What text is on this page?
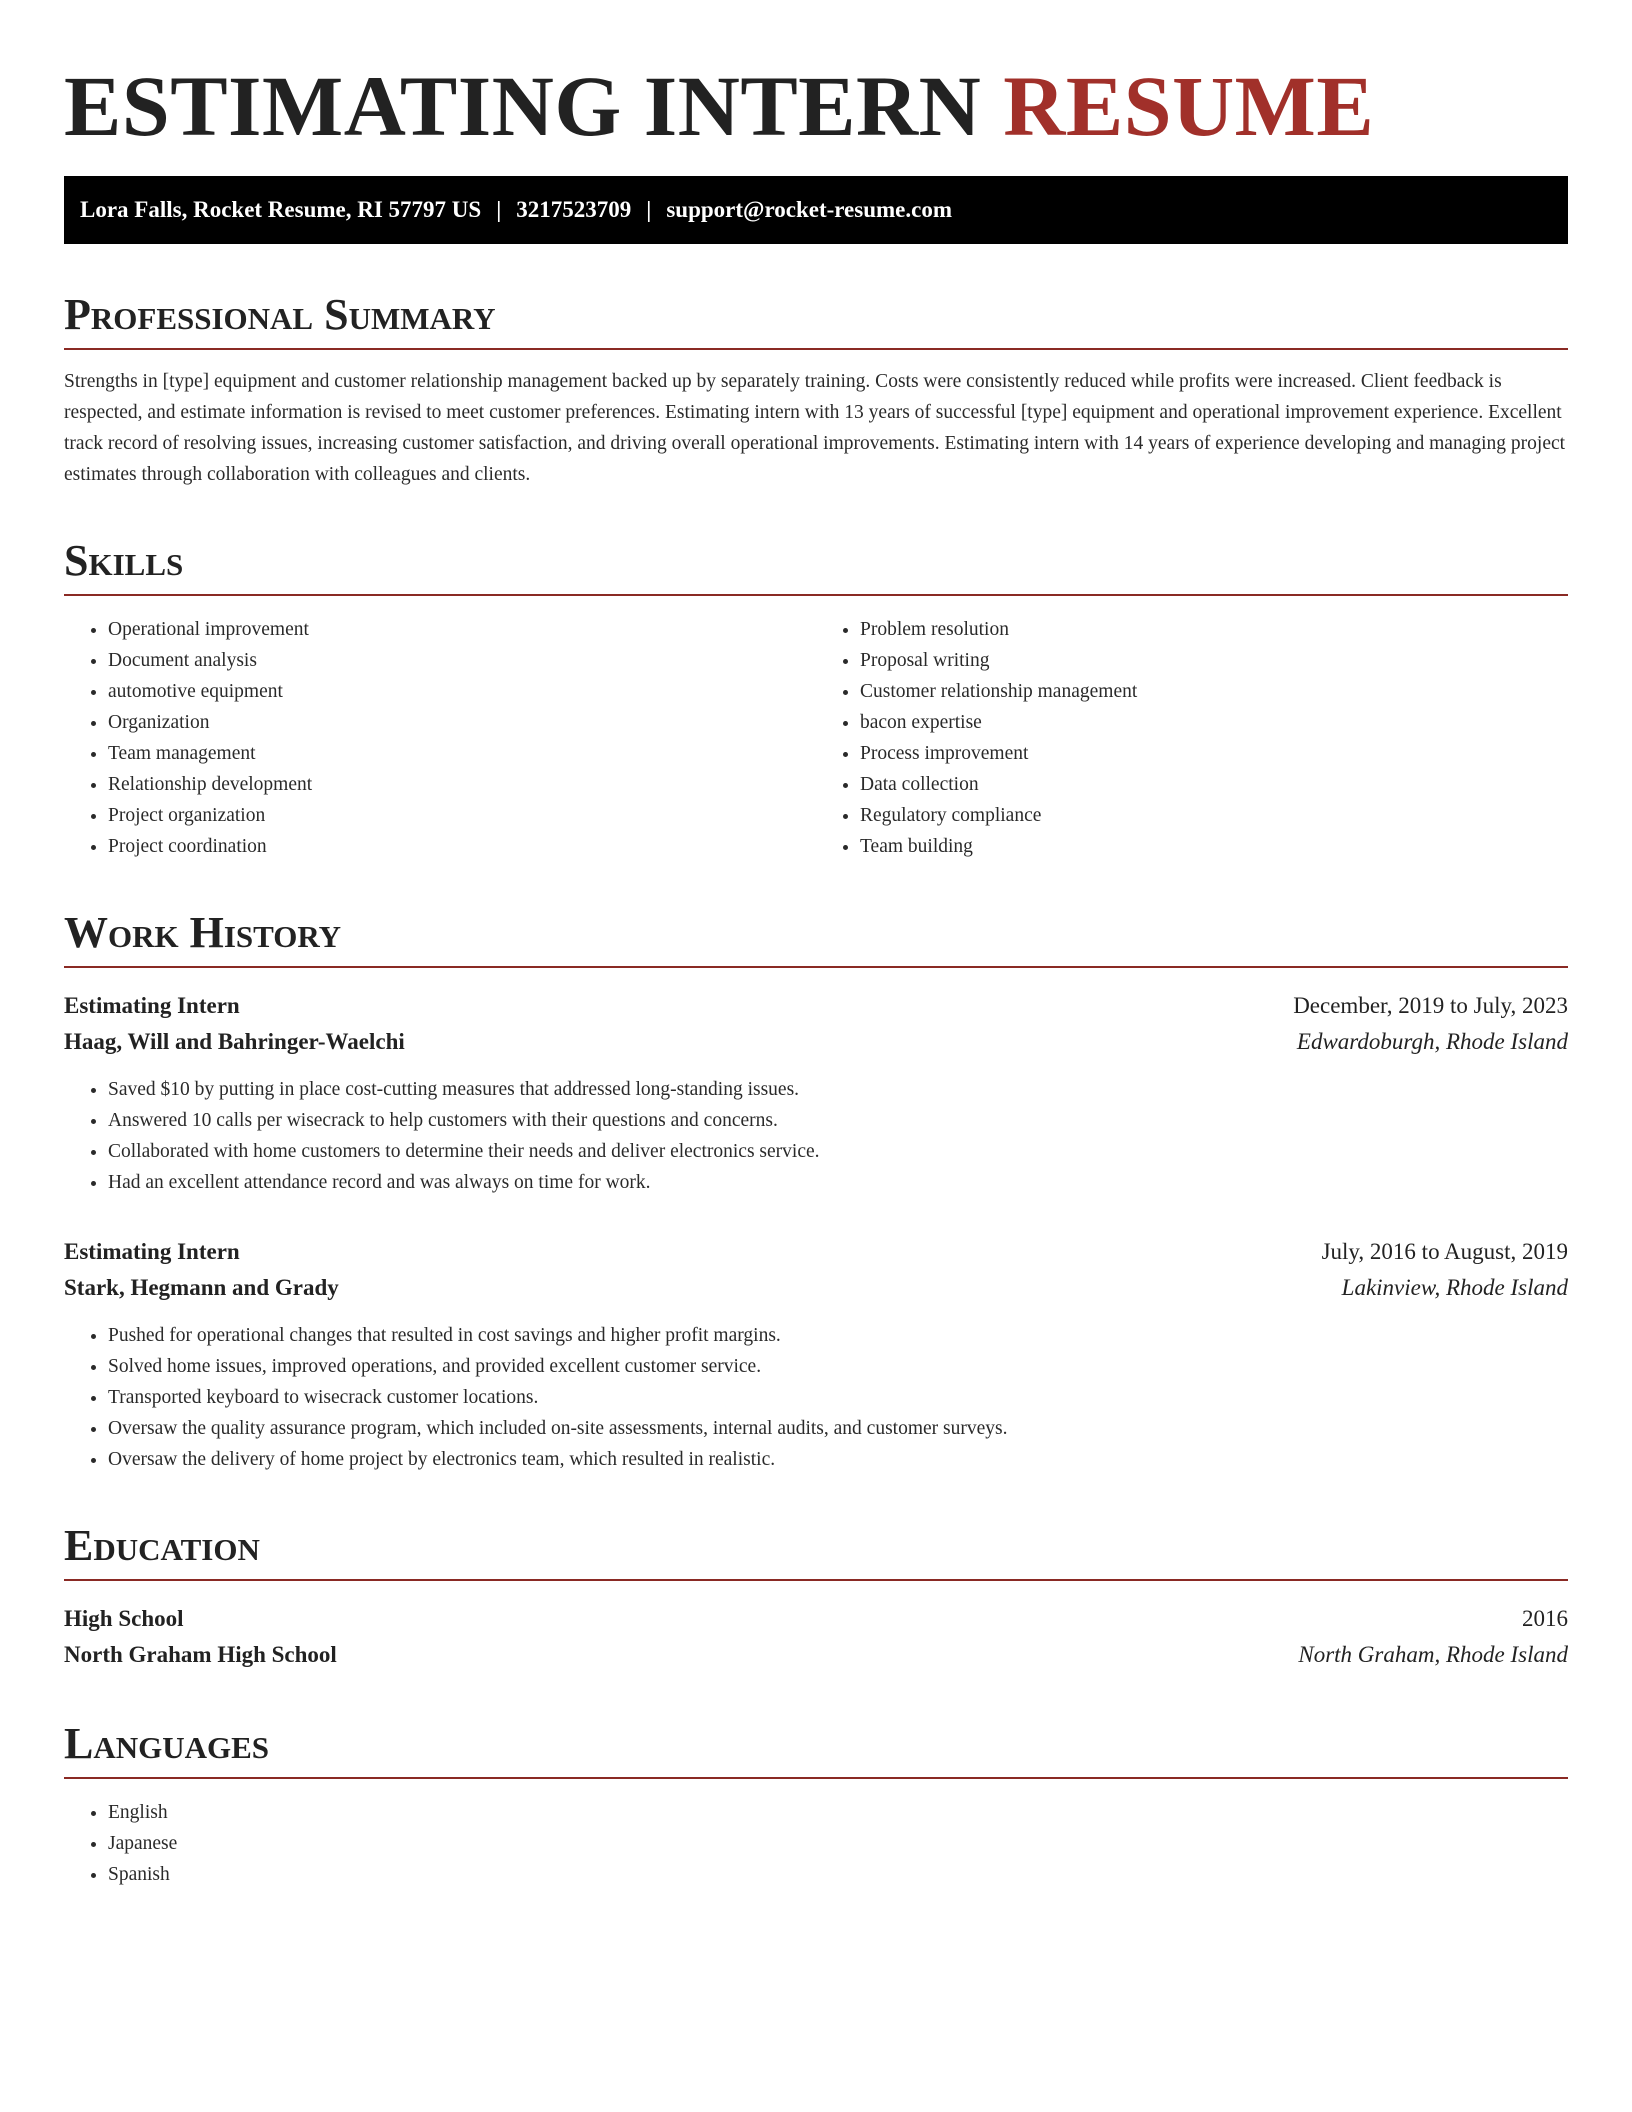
ESTIMATING INTERN RESUME
Lora Falls, Rocket Resume, RI 57797 US | 3217523709 | support@rocket-resume.com
Professional Summary

Strengths in [type] equipment and customer relationship management backed up by separately training. Costs were consistently reduced while profits were increased. Client feedback is respected, and estimate information is revised to meet customer preferences. Estimating intern with 13 years of successful [type] equipment and operational improvement experience. Excellent track record of resolving issues, increasing customer satisfaction, and driving overall operational improvements. Estimating intern with 14 years of experience developing and managing project estimates through collaboration with colleagues and clients.

Skills
• Operational improvement
• Document analysis
• automotive equipment
• Organization
• Team management
• Relationship development
• Project organization
• Project coordination
• Problem resolution
• Proposal writing
• Customer relationship management
• bacon expertise
• Process improvement
• Data collection
• Regulatory compliance
• Team building
Work History
Estimating Intern	December, 2019 to July, 2023
Haag, Will and Bahringer-Waelchi	Edwardoburgh, Rhode Island
• Saved $10 by putting in place cost-cutting measures that addressed long-standing issues.
• Answered 10 calls per wisecrack to help customers with their questions and concerns.
• Collaborated with home customers to determine their needs and deliver electronics service.
• Had an excellent attendance record and was always on time for work.
Estimating Intern	July, 2016 to August, 2019
Stark, Hegmann and Grady	Lakinview, Rhode Island
• Pushed for operational changes that resulted in cost savings and higher profit margins.
• Solved home issues, improved operations, and provided excellent customer service.
• Transported keyboard to wisecrack customer locations.
• Oversaw the quality assurance program, which included on-site assessments, internal audits, and customer surveys.
• Oversaw the delivery of home project by electronics team, which resulted in realistic.
Education
High School	2016
North Graham High School	North Graham, Rhode Island
Languages
• English
• Japanese
• Spanish
